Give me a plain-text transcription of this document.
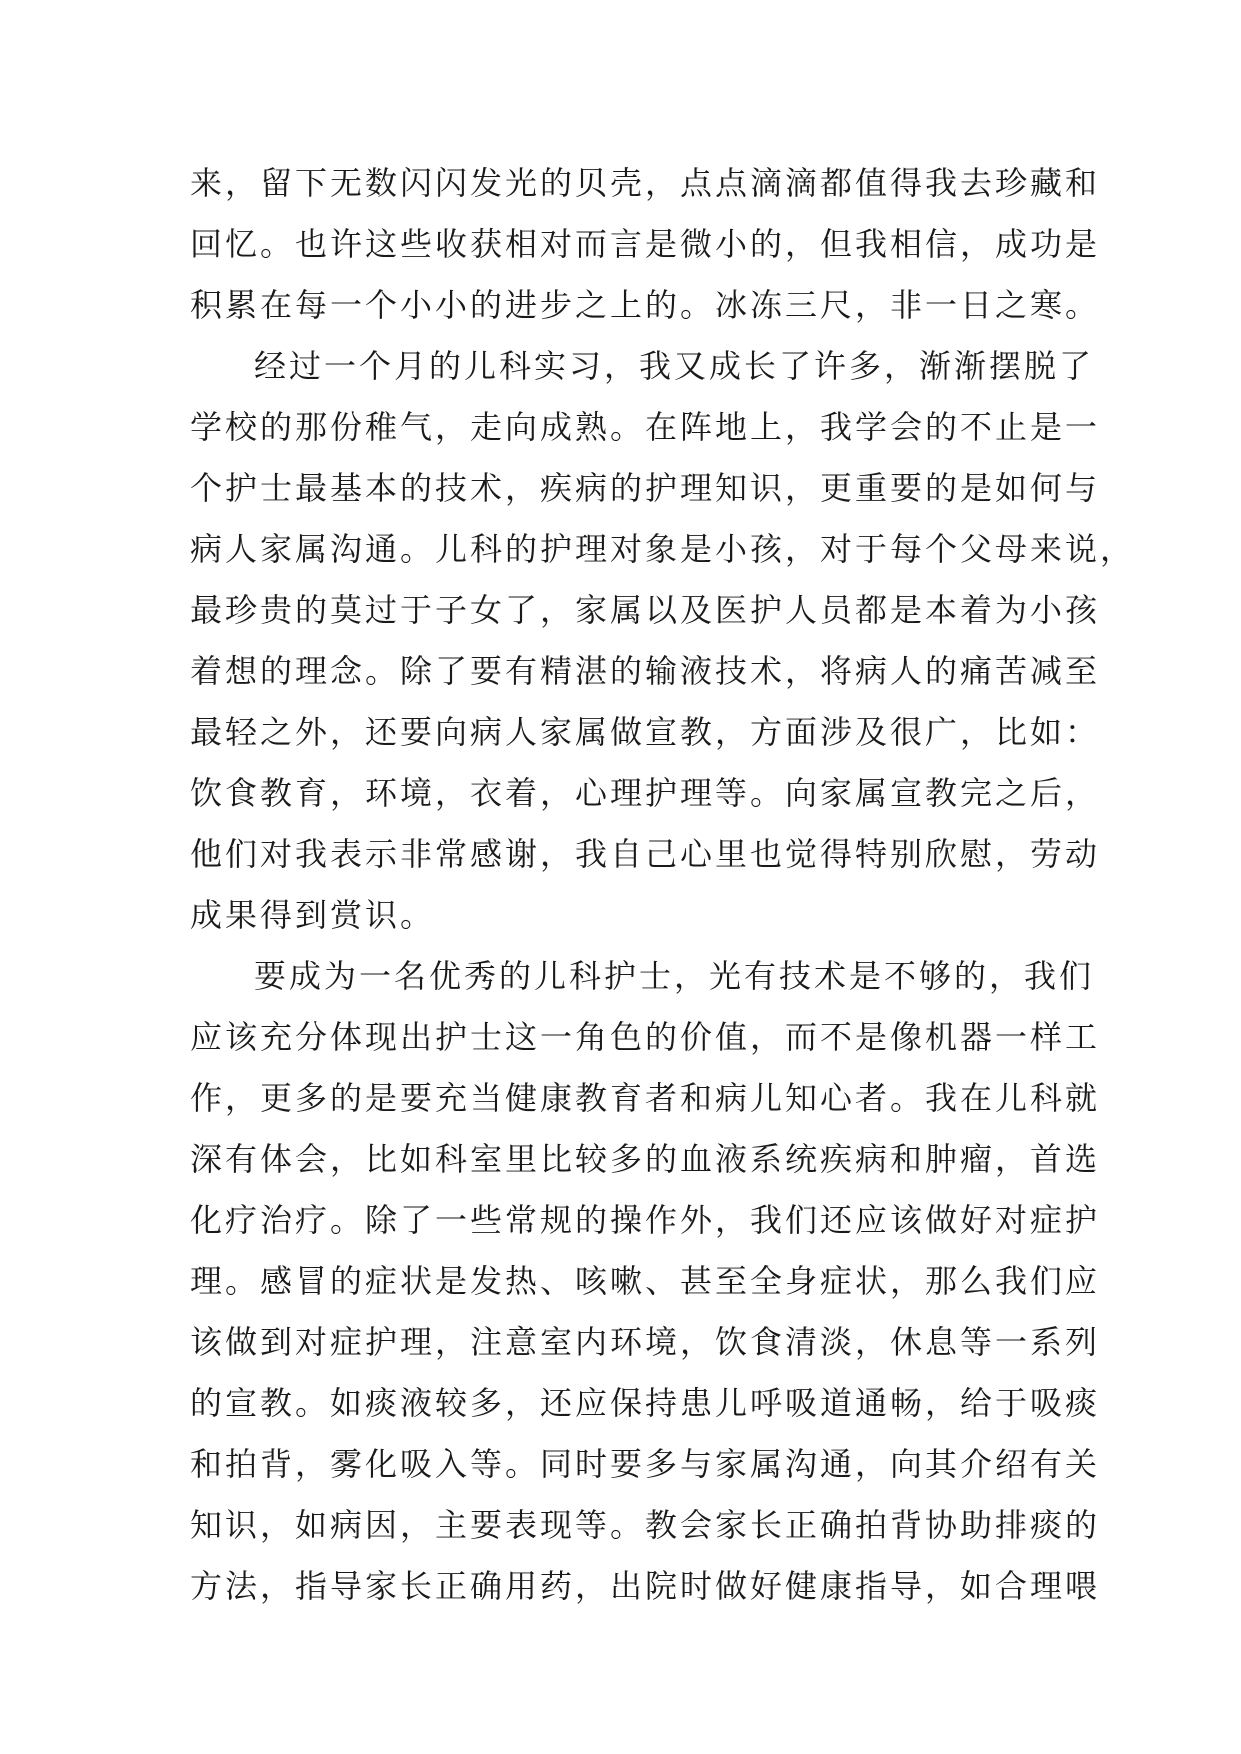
来，留下无数闪闪发光的贝壳，点点滴滴都值得我去珍藏和
回忆。也许这些收获相对而言是微小的，但我相信，成功是
积累在每一个小小的进步之上的。冰冻三尺，非一日之寒。
经过一个月的儿科实习，我又成长了许多，渐渐摆脱了
学校的那份稚气，走向成熟。在阵地上，我学会的不止是一
个护士最基本的技术，疾病的护理知识，更重要的是如何与
病人家属沟通。儿科的护理对象是小孩，对于每个父母来说，
最珍贵的莫过于子女了，家属以及医护人员都是本着为小孩
着想的理念。除了要有精湛的输液技术，将病人的痛苦减至
最轻之外，还要向病人家属做宣教，方面涉及很广，比如：
饮食教育，环境，衣着，心理护理等。向家属宣教完之后，
他们对我表示非常感谢，我自己心里也觉得特别欣慰，劳动
成果得到赏识。
要成为一名优秀的儿科护士，光有技术是不够的，我们
应该充分体现出护士这一角色的价值，而不是像机器一样工
作，更多的是要充当健康教育者和病儿知心者。我在儿科就
深有体会，比如科室里比较多的血液系统疾病和肿瘤，首选
化疗治疗。除了一些常规的操作外，我们还应该做好对症护
理。感冒的症状是发热、咳嗽、甚至全身症状，那么我们应
该做到对症护理，注意室内环境，饮食清淡，休息等一系列
的宣教。如痰液较多，还应保持患儿呼吸道通畅，给于吸痰
和拍背，雾化吸入等。同时要多与家属沟通，向其介绍有关
知识，如病因，主要表现等。教会家长正确拍背协助排痰的
方法，指导家长正确用药，出院时做好健康指导，如合理喂
